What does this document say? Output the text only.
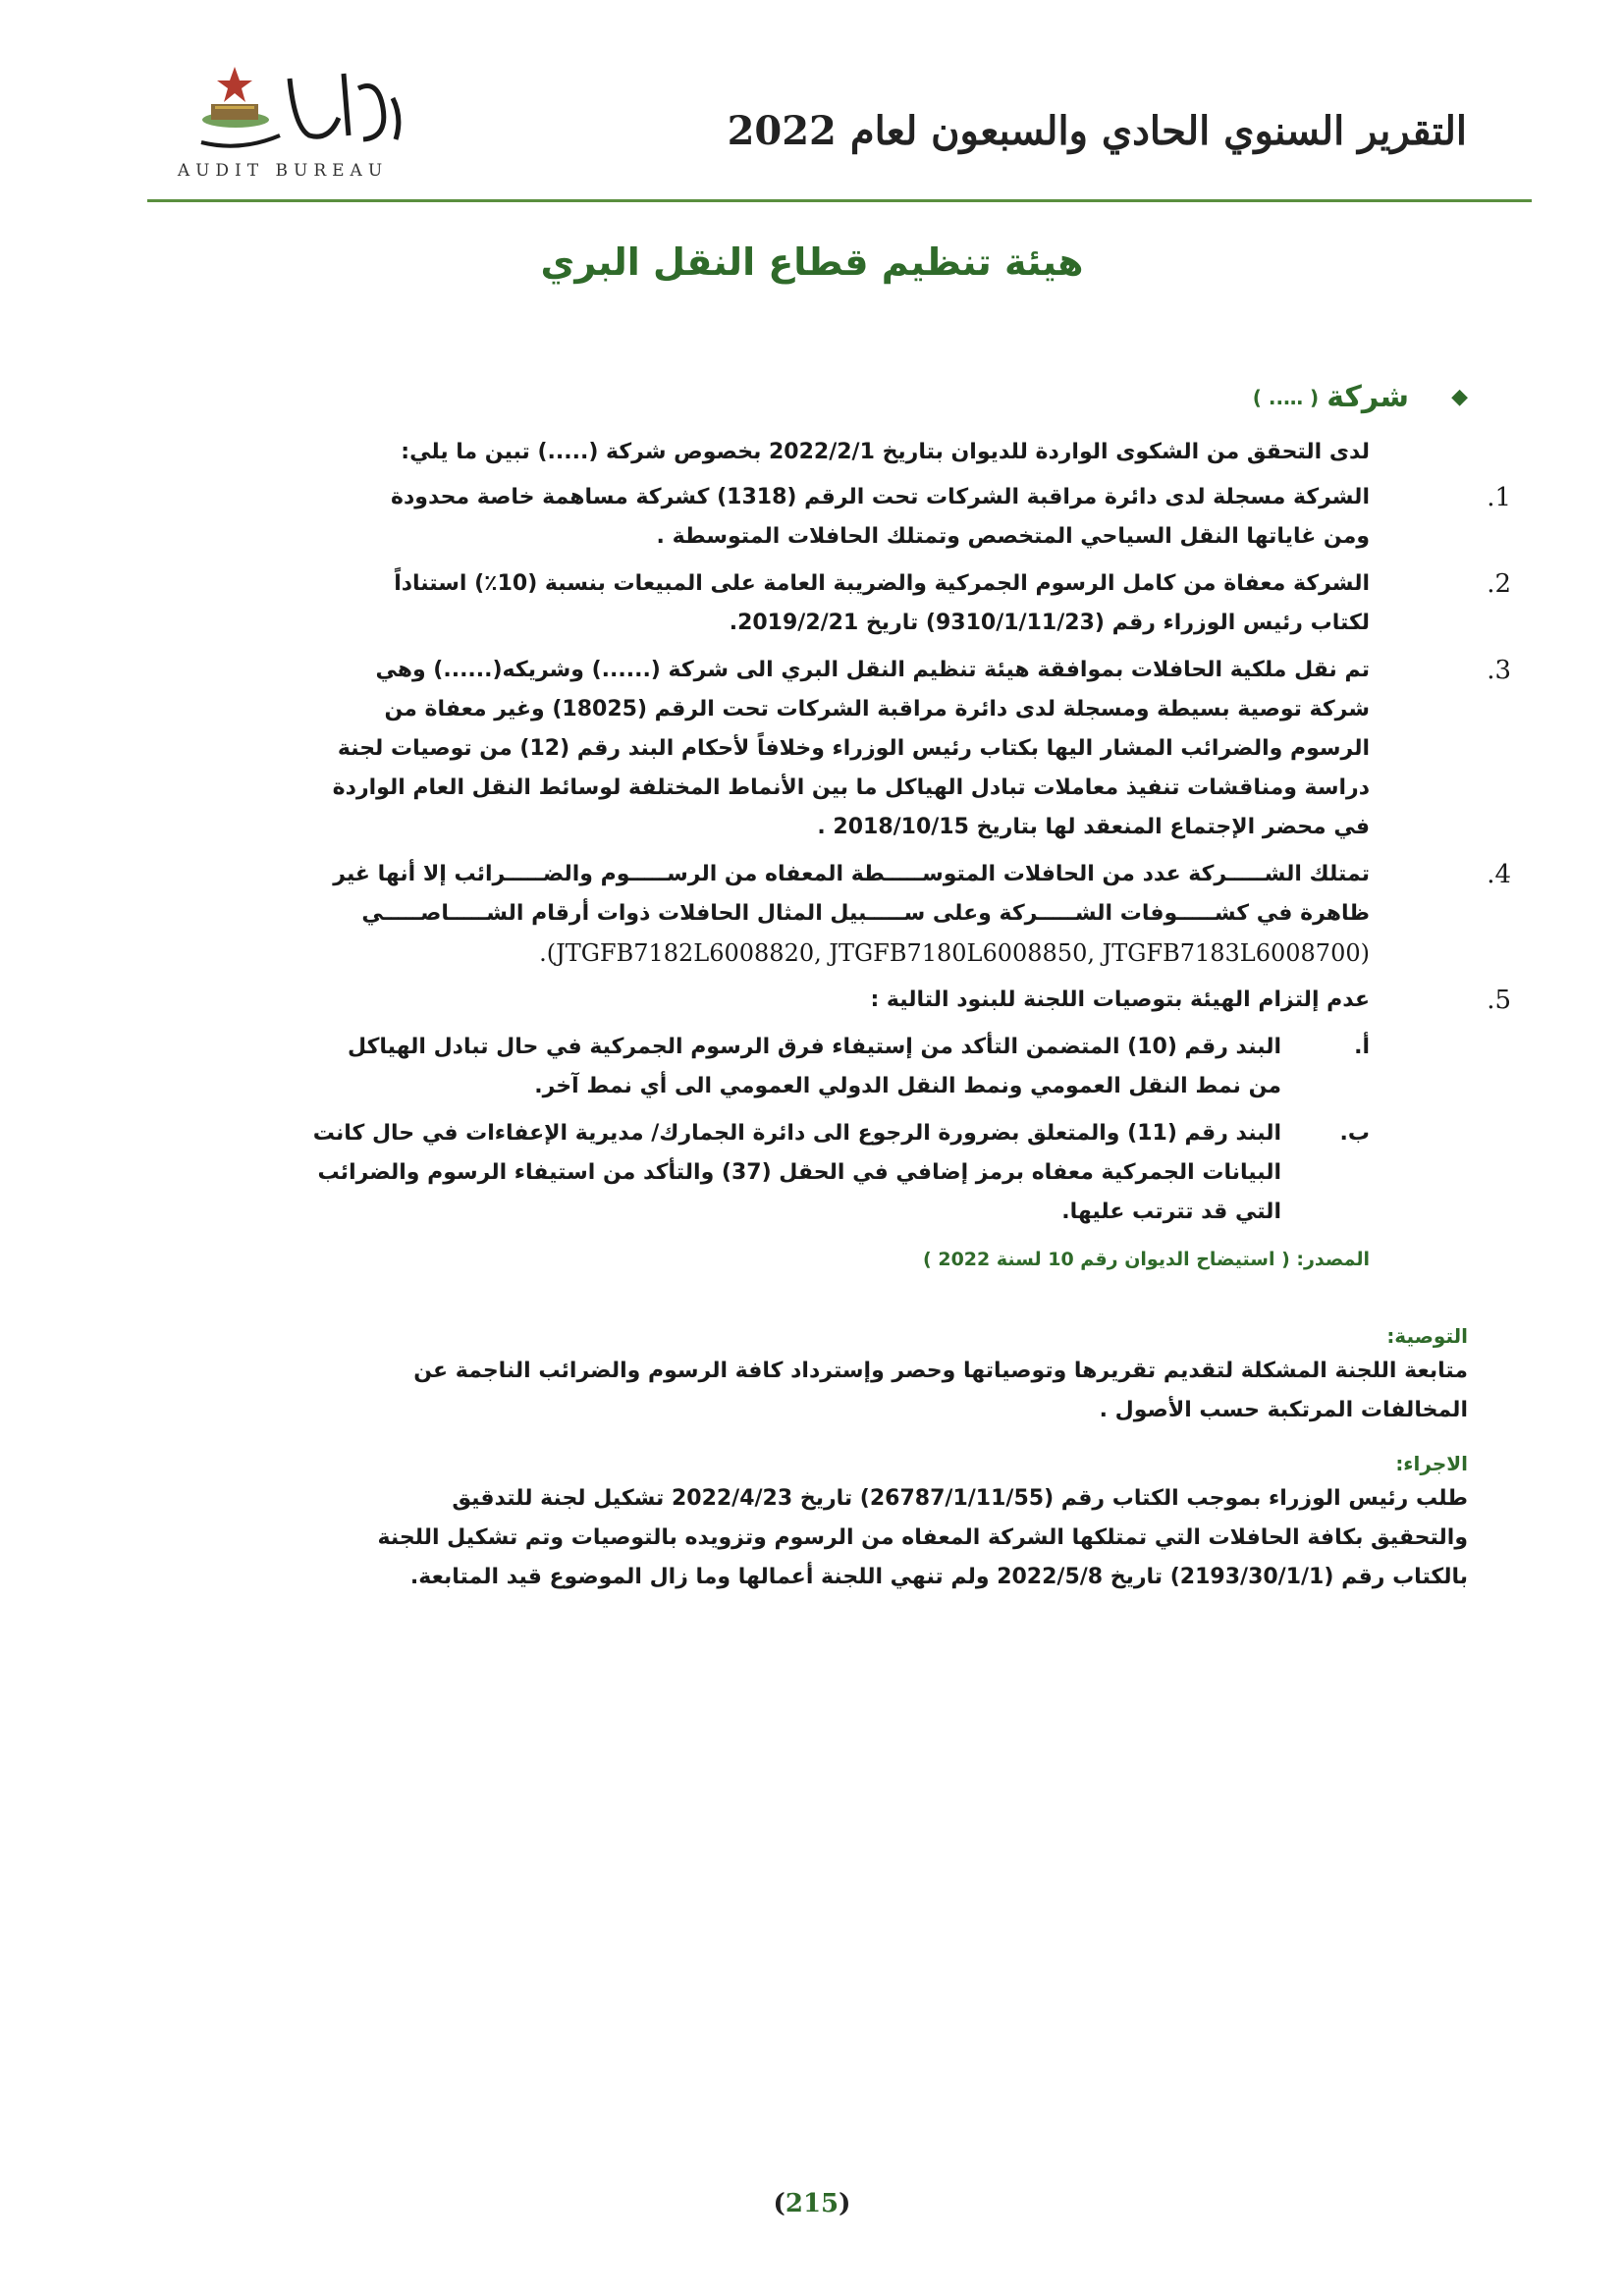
AUDIT BUREAU
التقرير السنوي الحادي والسبعون لعام 2022
هيئة تنظيم قطاع النقل البري
◆
شركة
( ….. )
لدى التحقق من الشكوى الواردة للديوان بتاريخ 2022/2/1 بخصوص شركة (.....) تبين ما يلي:
1.
الشركة مسجلة لدى دائرة مراقبة الشركات تحت الرقم (1318) كشركة مساهمة خاصة محدودة
ومن غاياتها النقل السياحي المتخصص وتمتلك الحافلات المتوسطة .
2.
الشركة معفاة من كامل الرسوم الجمركية والضريبة العامة على المبيعات بنسبة (10٪) استناداً
لكتاب رئيس الوزراء رقم (9310/1/11/23) تاريخ 2019/2/21.
3.
تم نقل ملكية الحافلات بموافقة هيئة تنظيم النقل البري الى شركة (......) وشريكه(......) وهي
شركة توصية بسيطة ومسجلة لدى دائرة مراقبة الشركات تحت الرقم (18025) وغير معفاة من
الرسوم والضرائب المشار اليها بكتاب رئيس الوزراء وخلافاً لأحكام البند رقم (12) من توصيات لجنة
دراسة ومناقشات تنفيذ معاملات تبادل الهياكل ما بين الأنماط المختلفة لوسائط النقل العام الواردة
في محضر الإجتماع المنعقد لها بتاريخ 2018/10/15 .
4.
تمتلك الشـــــركة عدد من الحافلات المتوســـــطة المعفاه من الرســـــوم والضـــــرائب إلا أنها غير
ظاهرة في كشـــــوفات الشـــــركة وعلى ســـــبيل المثال الحافلات ذوات أرقام الشـــــاصـــــي
(JTGFB7182L6008820, JTGFB7180L6008850, JTGFB7183L6008700).
5.
عدم إلتزام الهيئة بتوصيات اللجنة للبنود التالية :
أ.
البند رقم (10) المتضمن التأكد من إستيفاء فرق الرسوم الجمركية في حال تبادل الهياكل
من نمط النقل العمومي ونمط النقل الدولي العمومي الى أي نمط آخر.
ب.
البند رقم (11) والمتعلق بضرورة الرجوع الى دائرة الجمارك/ مديرية الإعفاءات في حال كانت
البيانات الجمركية معفاه برمز إضافي في الحقل (37) والتأكد من استيفاء الرسوم والضرائب
التي قد تترتب عليها.
المصدر: ( استيضاح الديوان رقم 10 لسنة 2022 )
التوصية:
متابعة اللجنة المشكلة لتقديم تقريرها وتوصياتها وحصر وإسترداد كافة الرسوم والضرائب الناجمة عن
المخالفات المرتكبة حسب الأصول .
الاجراء:
طلب رئيس الوزراء بموجب الكتاب رقم (26787/1/11/55) تاريخ 2022/4/23 تشكيل لجنة للتدقيق
والتحقيق بكافة الحافلات التي تمتلكها الشركة المعفاه من الرسوم وتزويده بالتوصيات وتم تشكيل اللجنة
بالكتاب رقم (2193/30/1/1) تاريخ 2022/5/8 ولم تنهي اللجنة أعمالها وما زال الموضوع قيد المتابعة.
(215)
